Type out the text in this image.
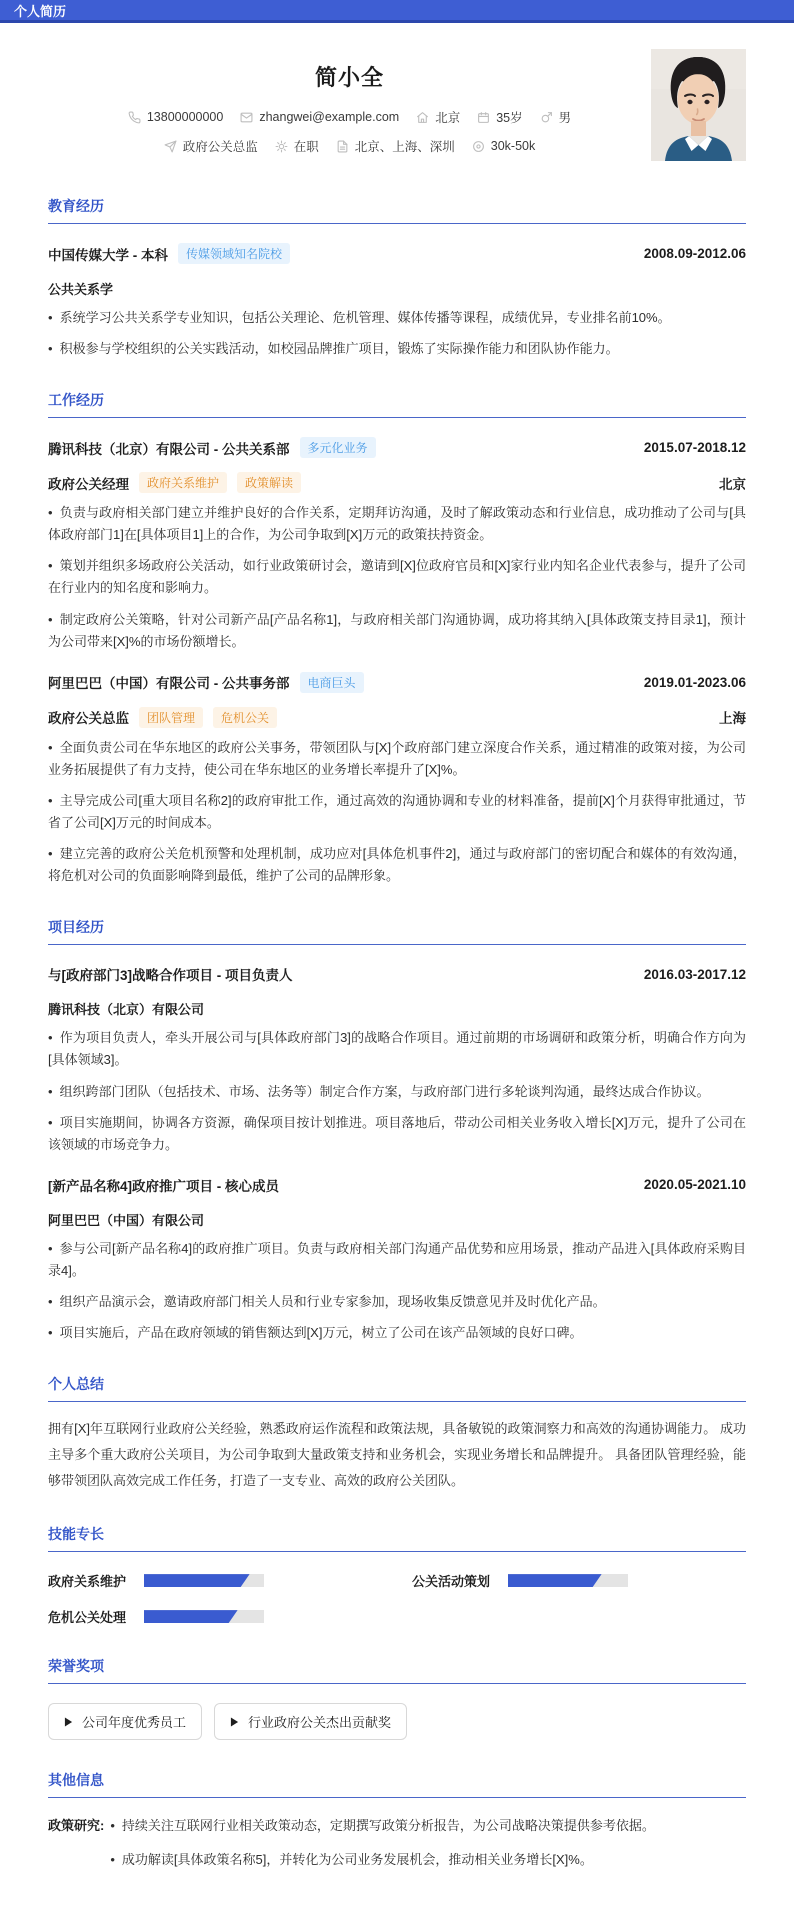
个人简历
简小全
13800000000	zhangwei@example.com	北京	35岁	男
政府公关总监	在职	北京、上海、深圳	30k-50k
教育经历
中国传媒大学 - 本科	传媒领域知名院校	2008.09-2012.06
公共关系学

• 系统学习公共关系学专业知识，包括公关理论、危机管理、媒体传播等课程，成绩优异，专业排名前10%。

• 积极参与学校组织的公关实践活动，如校园品牌推广项目，锻炼了实际操作能力和团队协作能力。

工作经历
腾讯科技（北京）有限公司 - 公共关系部	多元化业务	2015.07-2018.12
政府公关经理	政府关系维护	政策解读	北京

• 负责与政府相关部门建立并维护良好的合作关系，定期拜访沟通，及时了解政策动态和行业信息，成功推动了公司与[具体政府部门1]在[具体项目1]上的合作，为公司争取到[X]万元的政策扶持资金。

• 策划并组织多场政府公关活动，如行业政策研讨会，邀请到[X]位政府官员和[X]家行业内知名企业代表参与，提升了公司在行业内的知名度和影响力。

• 制定政府公关策略，针对公司新产品[产品名称1]，与政府相关部门沟通协调，成功将其纳入[具体政策支持目录1]，预计为公司带来[X]%的市场份额增长。

阿里巴巴（中国）有限公司 - 公共事务部	电商巨头	2019.01-2023.06
政府公关总监	团队管理	危机公关	上海

• 全面负责公司在华东地区的政府公关事务，带领团队与[X]个政府部门建立深度合作关系，通过精准的政策对接，为公司业务拓展提供了有力支持，使公司在华东地区的业务增长率提升了[X]%。

• 主导完成公司[重大项目名称2]的政府审批工作，通过高效的沟通协调和专业的材料准备，提前[X]个月获得审批通过，节省了公司[X]万元的时间成本。

• 建立完善的政府公关危机预警和处理机制，成功应对[具体危机事件2]，通过与政府部门的密切配合和媒体的有效沟通，将危机对公司的负面影响降到最低，维护了公司的品牌形象。

项目经历
与[政府部门3]战略合作项目 - 项目负责人	2016.03-2017.12
腾讯科技（北京）有限公司

• 作为项目负责人，牵头开展公司与[具体政府部门3]的战略合作项目。通过前期的市场调研和政策分析，明确合作方向为[具体领域3]。

• 组织跨部门团队（包括技术、市场、法务等）制定合作方案，与政府部门进行多轮谈判沟通，最终达成合作协议。

• 项目实施期间，协调各方资源，确保项目按计划推进。项目落地后，带动公司相关业务收入增长[X]万元，提升了公司在该领域的市场竞争力。

[新产品名称4]政府推广项目 - 核心成员	2020.05-2021.10
阿里巴巴（中国）有限公司

• 参与公司[新产品名称4]的政府推广项目。负责与政府相关部门沟通产品优势和应用场景，推动产品进入[具体政府采购目录4]。

• 组织产品演示会，邀请政府部门相关人员和行业专家参加，现场收集反馈意见并及时优化产品。

• 项目实施后，产品在政府领域的销售额达到[X]万元，树立了公司在该产品领域的良好口碑。

个人总结

拥有[X]年互联网行业政府公关经验，熟悉政府运作流程和政策法规，具备敏锐的政策洞察力和高效的沟通协调能力。 成功主导多个重大政府公关项目，为公司争取到大量政策支持和业务机会，实现业务增长和品牌提升。 具备团队管理经验，能够带领团队高效完成工作任务，打造了一支专业、高效的政府公关团队。

技能专长
政府关系维护	公关活动策划
危机公关处理
荣誉奖项
公司年度优秀员工	行业政府公关杰出贡献奖
其他信息
政策研究:	• 持续关注互联网行业相关政策动态，定期撰写政策分析报告，为公司战略决策提供参考依据。

• 成功解读[具体政策名称5]，并转化为公司业务发展机会，推动相关业务增长[X]%。
